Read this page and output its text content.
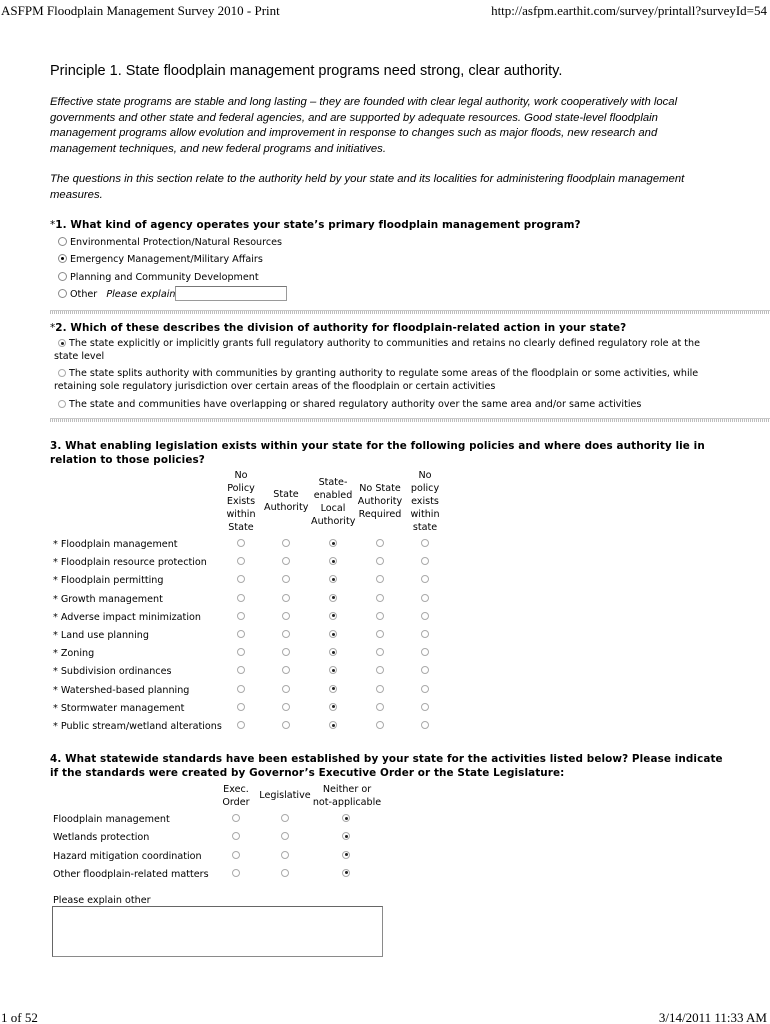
ASFPM Floodplain Management Survey 2010 - Print	http://asfpm.earthit.com/survey/printall?surveyId=54
Principle 1. State floodplain management programs need strong, clear authority.
Effective state programs are stable and long lasting – they are founded with clear legal authority, work cooperatively with local governments and other state and federal agencies, and are supported by adequate resources. Good state-level floodplain management programs allow evolution and improvement in response to changes such as major floods, new research and management techniques, and new federal programs and initiatives.
The questions in this section relate to the authority held by your state and its localities for administering floodplain management measures.
*1. What kind of agency operates your state’s primary floodplain management program?
Environmental Protection/Natural Resources
Emergency Management/Military Affairs
Planning and Community Development
Other Please explain
*2. Which of these describes the division of authority for floodplain-related action in your state?
The state explicitly or implicitly grants full regulatory authority to communities and retains no clearly defined regulatory role at the state level
The state splits authority with communities by granting authority to regulate some areas of the floodplain or some activities, while retaining sole regulatory jurisdiction over certain areas of the floodplain or certain activities
The state and communities have overlapping or shared regulatory authority over the same area and/or same activities
3. What enabling legislation exists within your state for the following policies and where does authority lie in relation to those policies?
No Policy Exists within State
State Authority
State-enabled Local Authority
No State Authority Required
No policy exists within state
* Floodplain management
* Floodplain resource protection
* Floodplain permitting
* Growth management
* Adverse impact minimization
* Land use planning
* Zoning
* Subdivision ordinances
* Watershed-based planning
* Stormwater management
* Public stream/wetland alterations
4. What statewide standards have been established by your state for the activities listed below? Please indicate if the standards were created by Governor’s Executive Order or the State Legislature:
Exec. Order
Legislative
Neither or not-applicable
Floodplain management
Wetlands protection
Hazard mitigation coordination
Other floodplain-related matters
Please explain other
1 of 52	3/14/2011 11:33 AM
